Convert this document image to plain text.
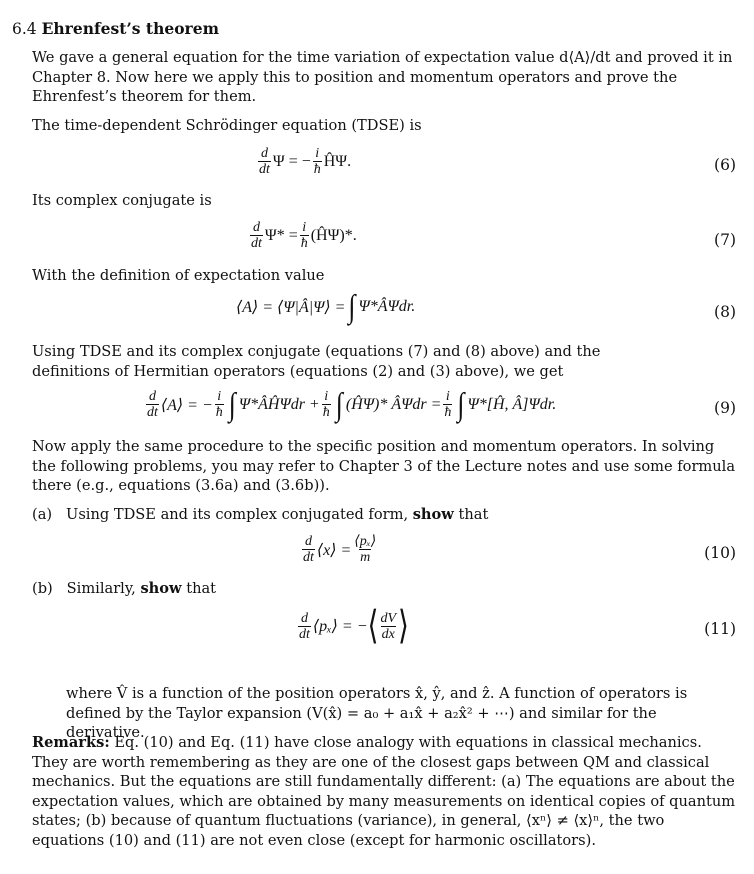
6.4 Ehrenfest’s theorem
We gave a general equation for the time variation of expectation value d⟨A⟩/dt and proved it in Chapter 8. Now here we apply this to position and momentum operators and prove the Ehrenfest’s theorem for them.
The time-dependent Schrödinger equation (TDSE) is
$\frac{d}{dt}$ Ψ = − $\frac{i}{ħ}$ ĤΨ.	(6)
Its complex conjugate is
$\frac{d}{dt} \Psi* = \frac{i}{ħ}$ (ĤΨ)*.	(7)
With the definition of expectation value
⟨A⟩ = ⟨Ψ|Â|Ψ⟩ = ∫ Ψ*ÂΨdr.	(8)
Using TDSE and its complex conjugate (equations (7) and (8) above) and the definitions of Hermitian operators (equations (2) and (3) above), we get
$\frac{d}{dt}$ ⟨A⟩ = − $\frac{i}{ħ}$ ∫ Ψ*ÂĤΨdr + $\frac{i}{ħ}$ ∫ (ĤΨ)* ÂΨdr = $\frac{i}{ħ}$ ∫ Ψ*[Ĥ, Â]Ψdr.	(9)
Now apply the same procedure to the specific position and momentum operators. In solving the following problems, you may refer to Chapter 3 of the Lecture notes and use some formula there (e.g., equations (3.6a) and (3.6b)).
(a) Using TDSE and its complex conjugated form, show that
$\frac{d}{dt}$ ⟨x⟩ = $\frac{\text{⟨pₓ⟩}}{m}$	(10)
(b) Similarly, show that
$\frac{d}{dt}$ ⟨pₓ⟩ = − ⟨ $\frac{dV}{dx}$ ⟩	(11)
where V̂ is a function of the position operators x̂, ŷ, and ẑ. A function of operators is defined by the Taylor expansion (V(x̂) = a₀ + a₁x̂ + a₂x̂² + ⋯) and similar for the derivative.
Remarks: Eq. (10) and Eq. (11) have close analogy with equations in classical mechanics. They are worth remembering as they are one of the closest gaps between QM and classical mechanics. But the equations are still fundamentally different: (a) The equations are about the expectation values, which are obtained by many measurements on identical copies of quantum states; (b) because of quantum fluctuations (variance), in general, ⟨xⁿ⟩ ≠ ⟨x⟩ⁿ, the two equations (10) and (11) are not even close (except for harmonic oscillators).
